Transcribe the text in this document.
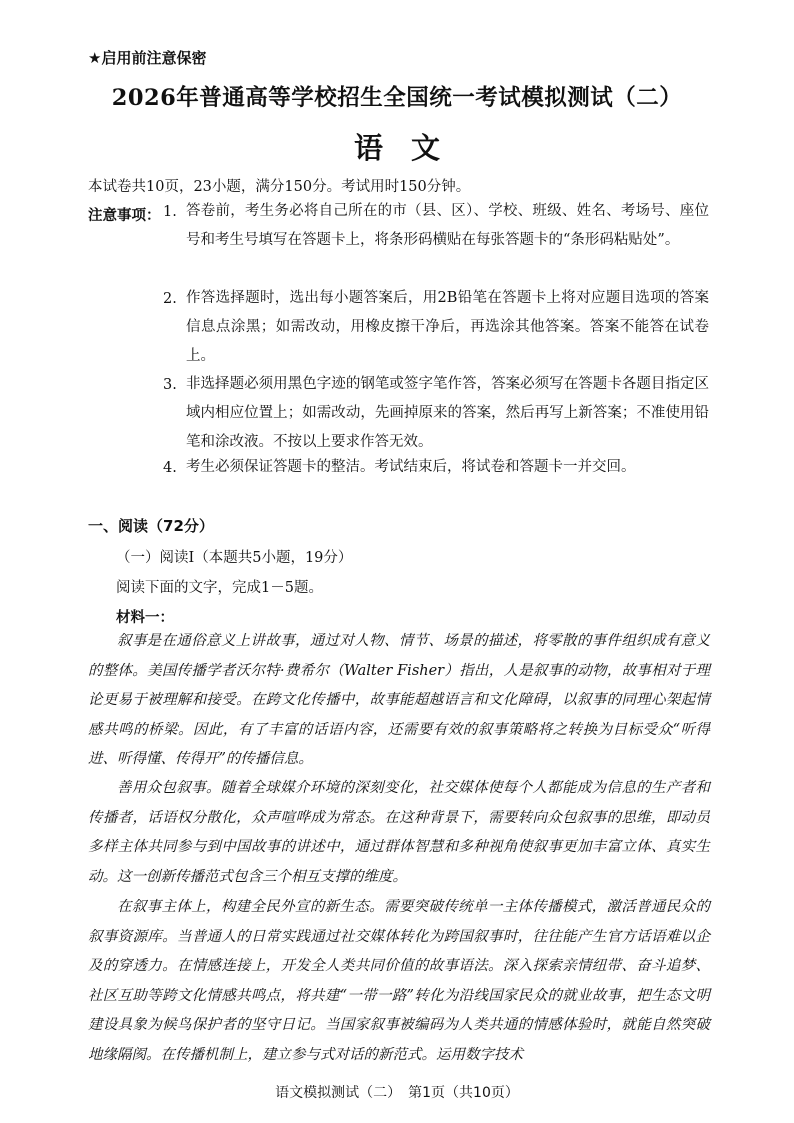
★启用前注意保密
2026年普通高等学校招生全国统一考试模拟测试（二）
语文
本试卷共10页，23小题，满分150分。考试用时150分钟。
注意事项： 1. 答卷前，考生务必将自己所在的市（县、区）、学校、班级、姓名、考场号、座位号和考生号填写在答题卡上，将条形码横贴在每张答题卡的“条形码粘贴处”。
2. 作答选择题时，选出每小题答案后，用2B铅笔在答题卡上将对应题目选项的答案信息点涂黑；如需改动，用橡皮擦干净后，再选涂其他答案。答案不能答在试卷上。
3. 非选择题必须用黑色字迹的钢笔或签字笔作答，答案必须写在答题卡各题目指定区域内相应位置上；如需改动，先画掉原来的答案，然后再写上新答案；不准使用铅笔和涂改液。不按以上要求作答无效。
4. 考生必须保证答题卡的整洁。考试结束后，将试卷和答题卡一并交回。
一、阅读（72分）
（一）阅读Ⅰ（本题共5小题，19分）
阅读下面的文字，完成1－5题。
材料一：
叙事是在通俗意义上讲故事，通过对人物、情节、场景的描述，将零散的事件组织成有意义的整体。美国传播学者沃尔特·费希尔（Walter Fisher）指出，人是叙事的动物，故事相对于理论更易于被理解和接受。在跨文化传播中，故事能超越语言和文化障碍，以叙事的同理心架起情感共鸣的桥梁。因此，有了丰富的话语内容，还需要有效的叙事策略将之转换为目标受众“听得进、听得懂、传得开”的传播信息。
善用众包叙事。随着全球媒介环境的深刻变化，社交媒体使每个人都能成为信息的生产者和传播者，话语权分散化，众声喧哗成为常态。在这种背景下，需要转向众包叙事的思维，即动员多样主体共同参与到中国故事的讲述中，通过群体智慧和多种视角使叙事更加丰富立体、真实生动。这一创新传播范式包含三个相互支撑的维度。
在叙事主体上，构建全民外宣的新生态。需要突破传统单一主体传播模式，激活普通民众的叙事资源库。当普通人的日常实践通过社交媒体转化为跨国叙事时，往往能产生官方话语难以企及的穿透力。在情感连接上，开发全人类共同价值的故事语法。深入探索亲情纽带、奋斗追梦、社区互助等跨文化情感共鸣点，将共建“一带一路”转化为沿线国家民众的就业故事，把生态文明建设具象为候鸟保护者的坚守日记。当国家叙事被编码为人类共通的情感体验时，就能自然突破地缘隔阂。在传播机制上，建立参与式对话的新范式。运用数字技术
语文模拟测试（二）　第1页（共10页）
